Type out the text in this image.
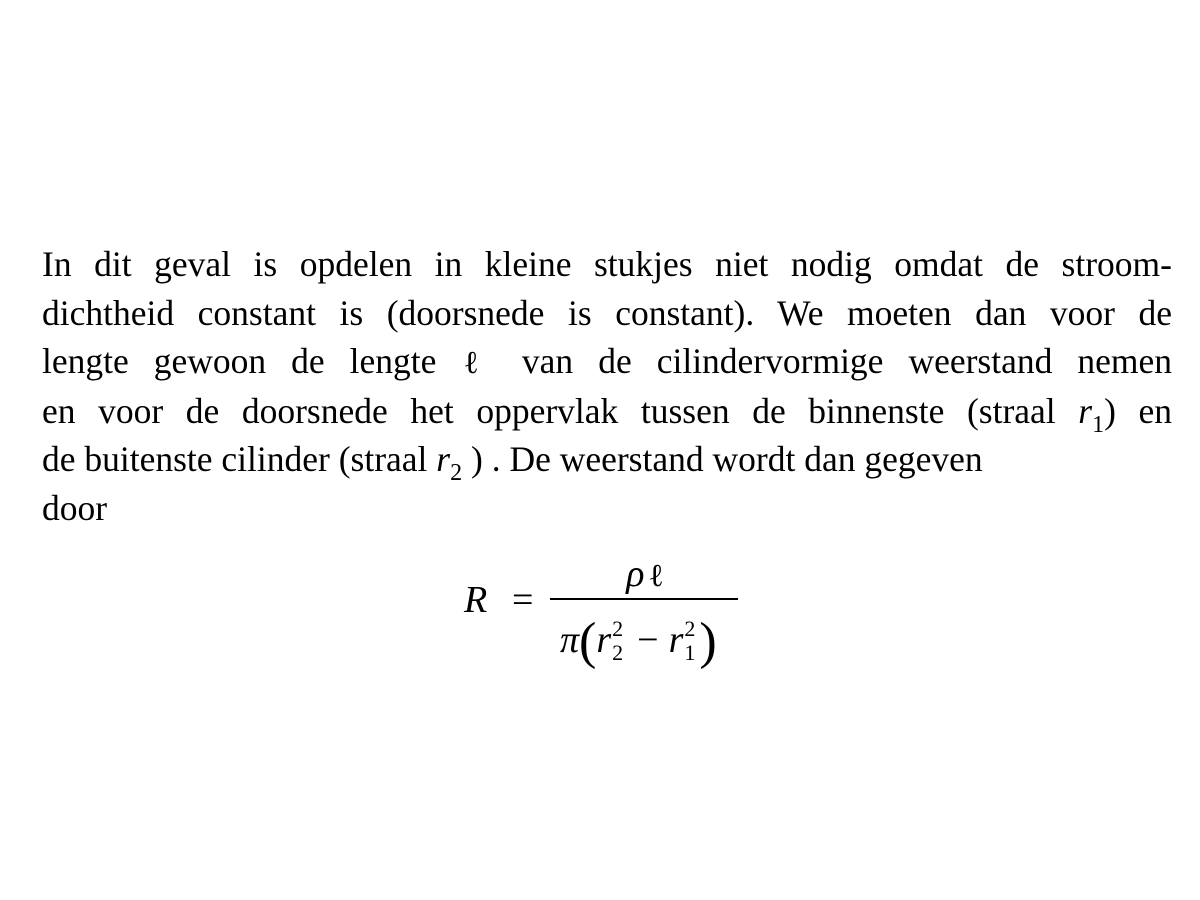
In dit geval is opdelen in kleine stukjes niet nodig omdat de stroom-
dichtheid constant is (doorsnede is constant). We moeten dan voor de
lengte gewoon de lengte ℓ van de cilindervormige weerstand nemen
en voor de doorsnede het oppervlak tussen de binnenste (straal $r_1$) en
de buitenste cilinder (straal $r_2$ ) . De weerstand wordt dan gegeven
door
R =
ρ ℓ
π(r 2
2 − r 2
1 )
